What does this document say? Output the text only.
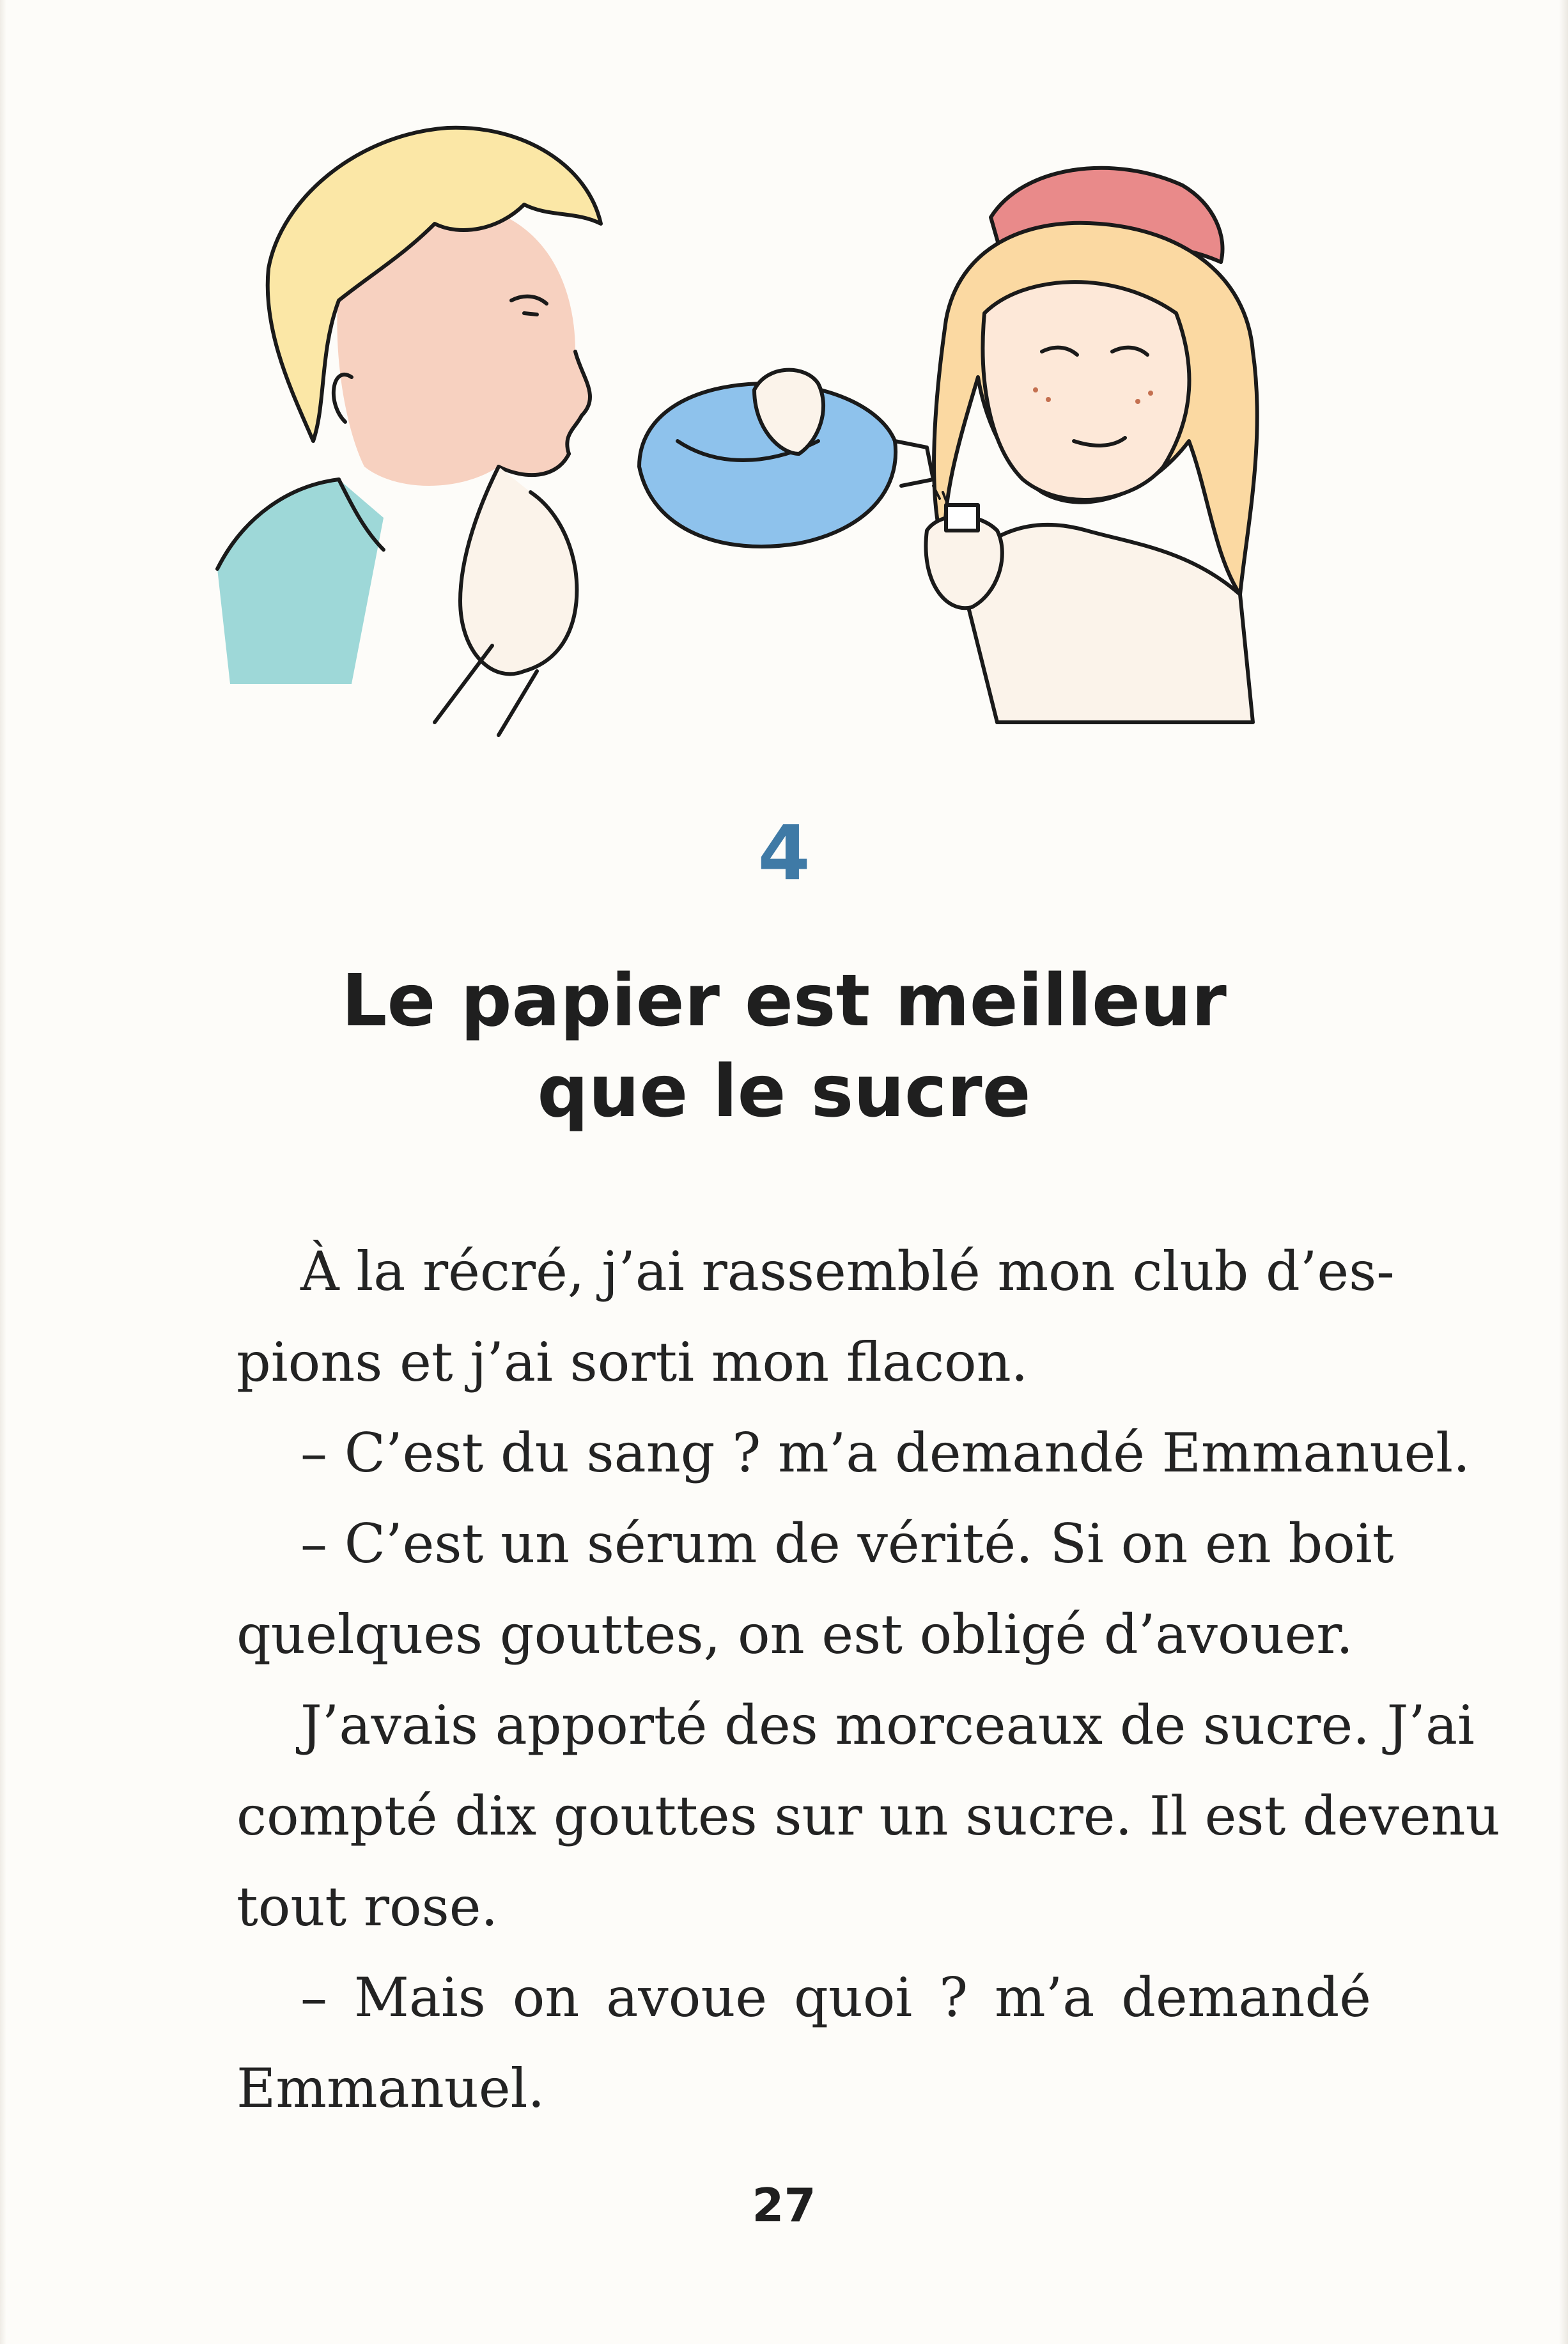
4
Le papier est meilleur
que le sucre
À la récré, j’ai rassemblé mon club d’es-
pions et j’ai sorti mon flacon.
– C’est du sang ? m’a demandé Emmanuel.
– C’est un sérum de vérité. Si on en boit
quelques gouttes, on est obligé d’avouer.
J’avais apporté des morceaux de sucre. J’ai
compté dix gouttes sur un sucre. Il est devenu
tout rose.
– Mais on avoue quoi ? m’a demandé
Emmanuel.
27
